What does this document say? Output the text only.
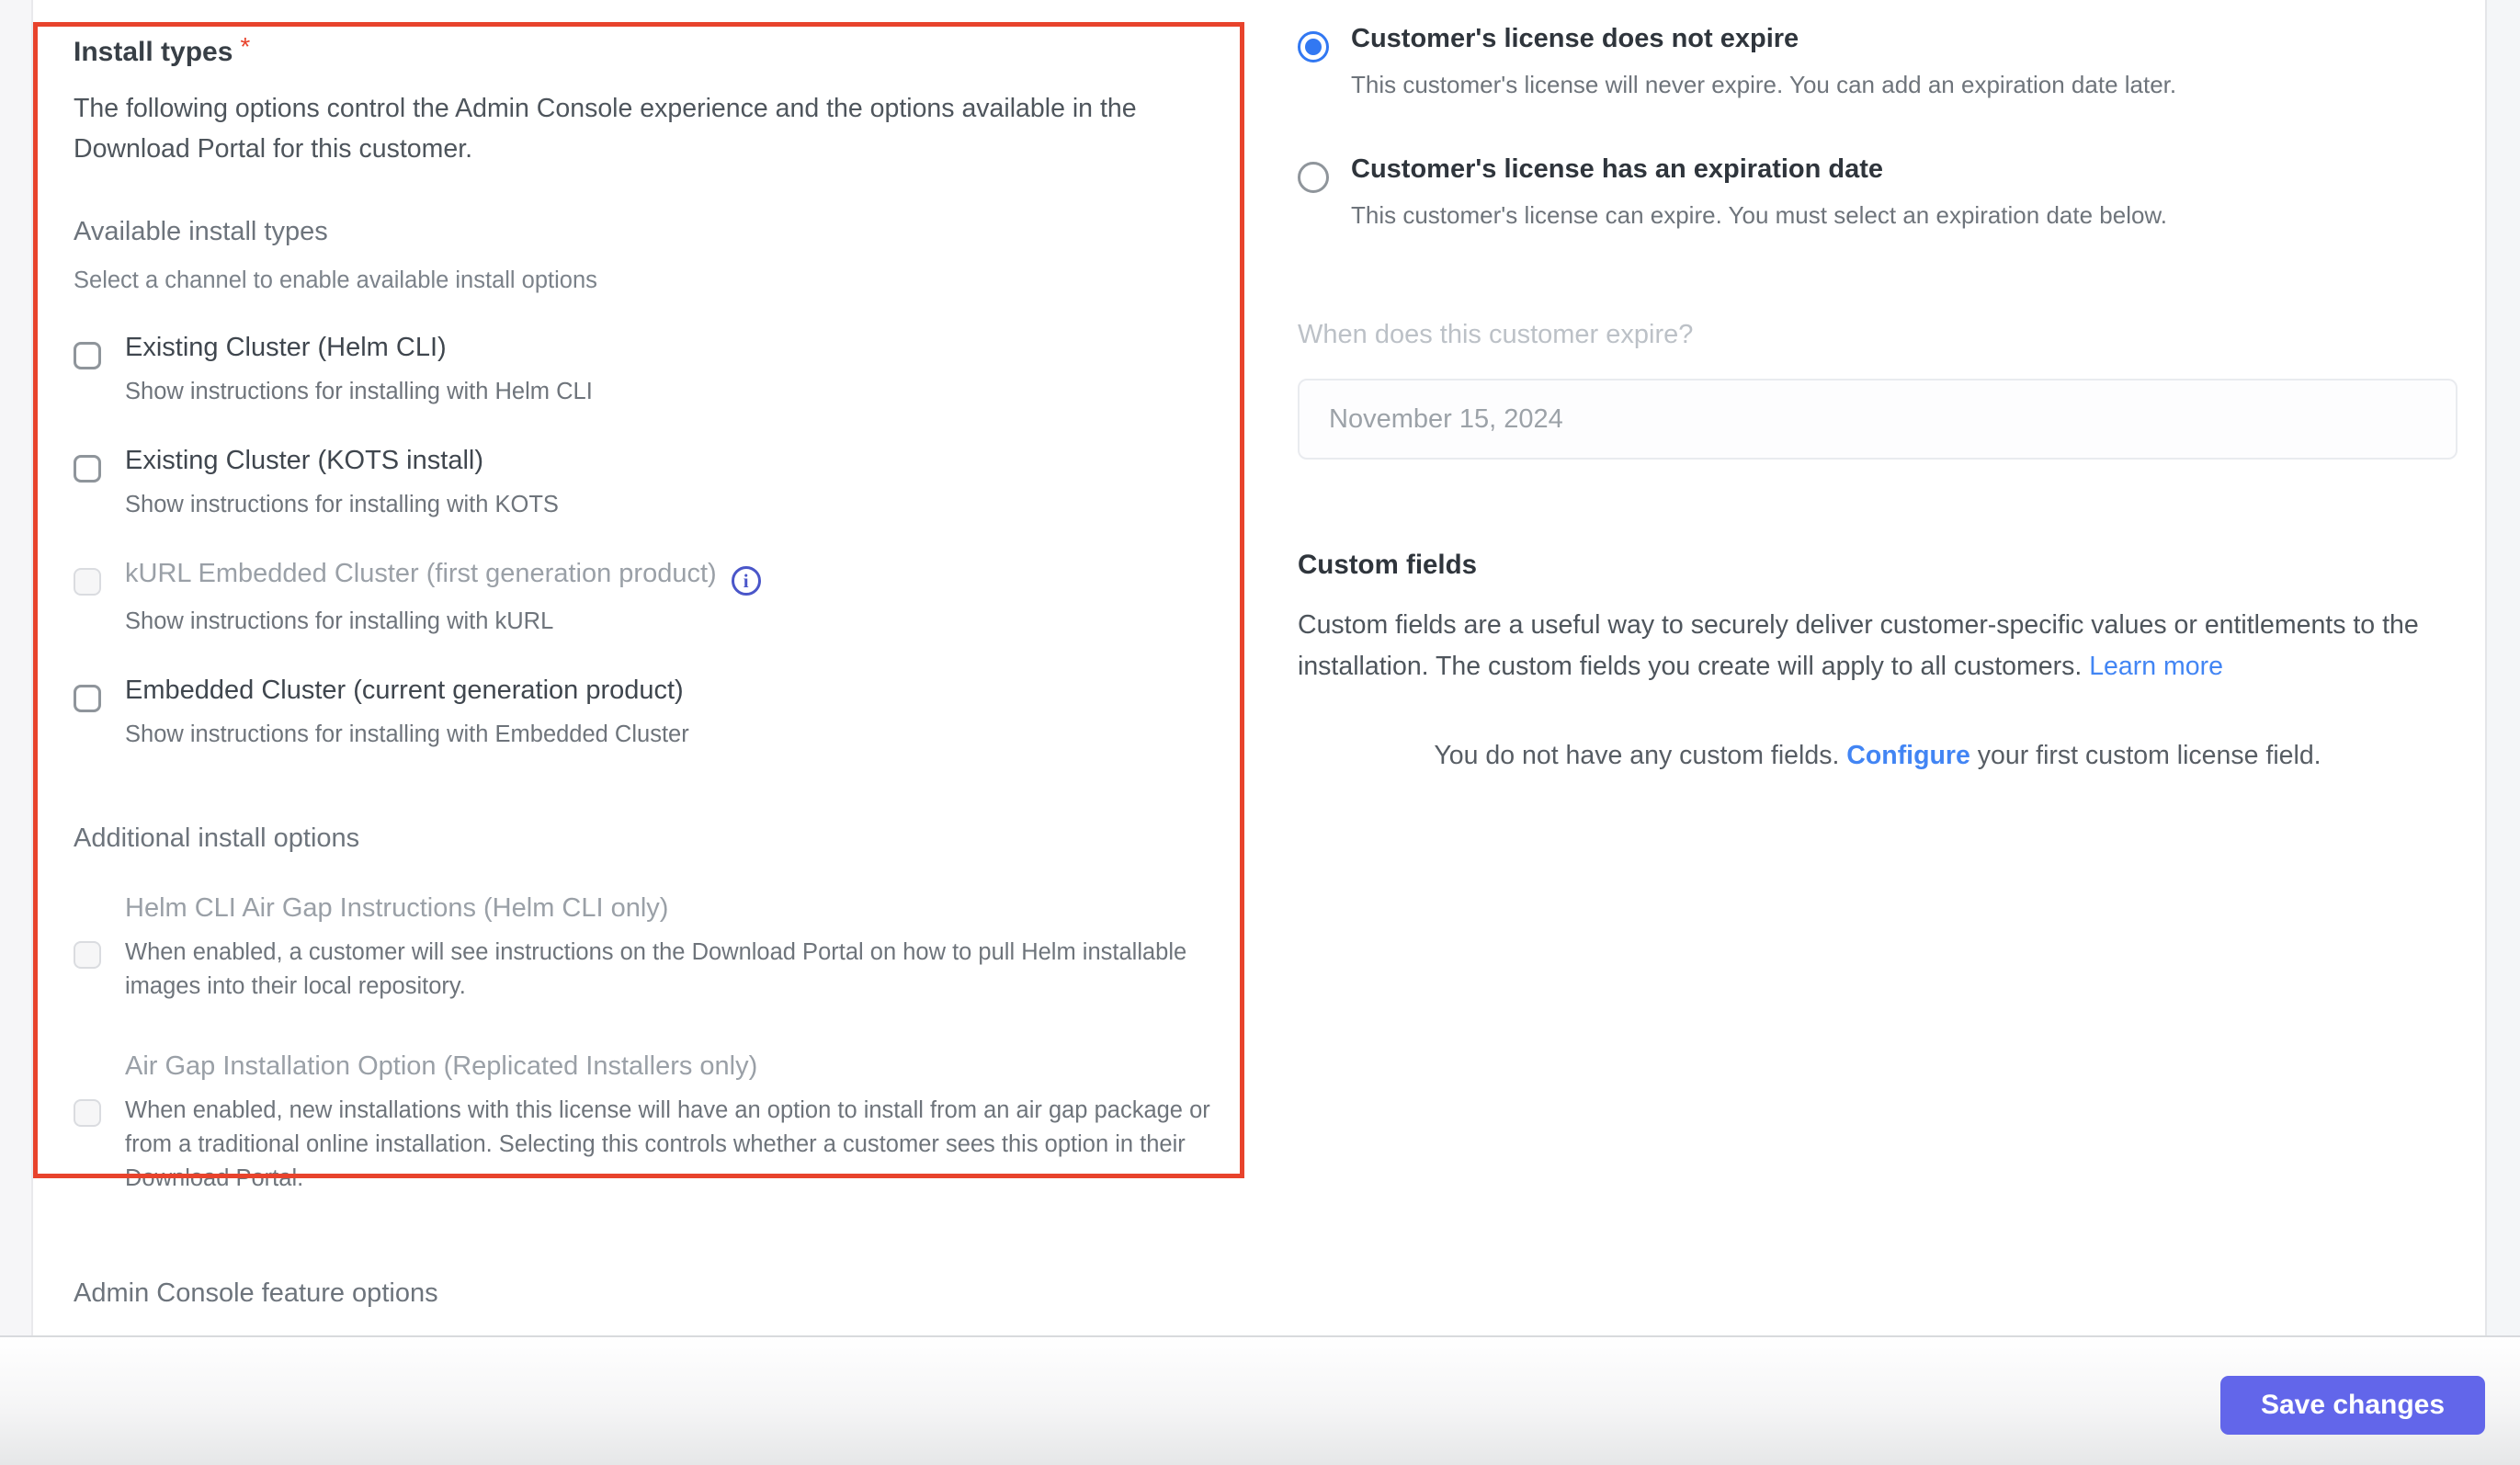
Install types *

The following options control the Admin Console experience and the options available in the Download Portal for this customer.

Available install types
Select a channel to enable available install options
Existing Cluster (Helm CLI)
Show instructions for installing with Helm CLI
Existing Cluster (KOTS install)
Show instructions for installing with KOTS
kURL Embedded Cluster (first generation product) i
Show instructions for installing with kURL
Embedded Cluster (current generation product)
Show instructions for installing with Embedded Cluster
Additional install options
Helm CLI Air Gap Instructions (Helm CLI only)
When enabled, a customer will see instructions on the Download Portal on how to pull Helm installable images into their local repository.
Air Gap Installation Option (Replicated Installers only)
When enabled, new installations with this license will have an option to install from an air gap package or from a traditional online installation. Selecting this controls whether a customer sees this option in their Download Portal.
Admin Console feature options
Customer's license does not expire
This customer's license will never expire. You can add an expiration date later.
Customer's license has an expiration date
This customer's license can expire. You must select an expiration date below.
When does this customer expire?
November 15, 2024
Custom fields

Custom fields are a useful way to securely deliver customer-specific values or entitlements to the installation. The custom fields you create will apply to all customers. Learn more

You do not have any custom fields. Configure your first custom license field.
Save changes
